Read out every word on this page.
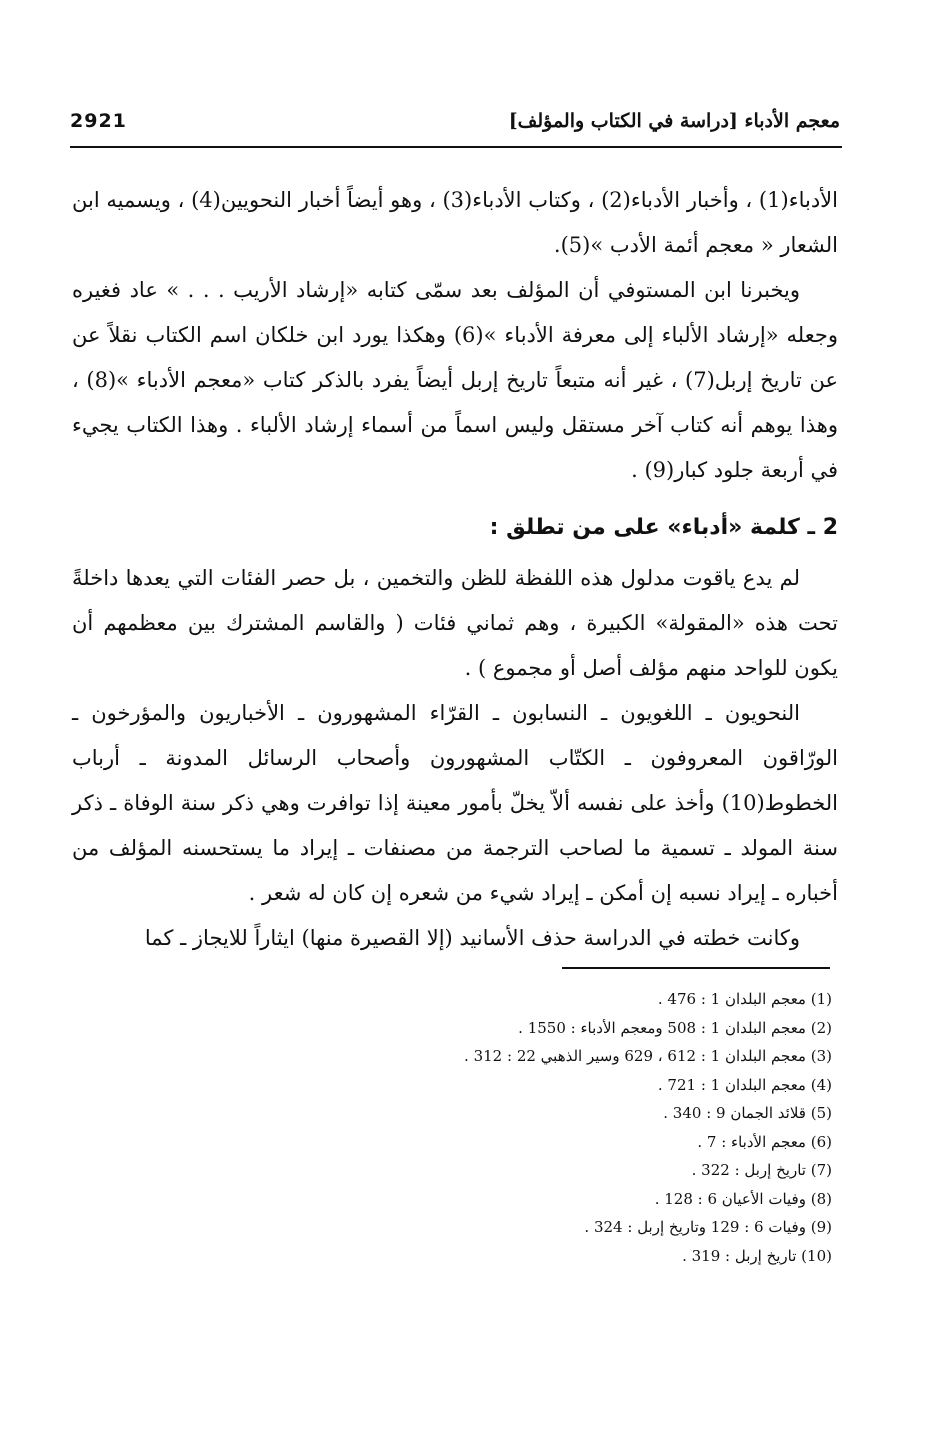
2921	معجم الأدباء [دراسة في الكتاب والمؤلف]

الأدباء(1) ، وأخبار الأدباء(2) ، وكتاب الأدباء(3) ، وهو أيضاً أخبار النحويين(4) ، ويسميه ابن الشعار « معجم أئمة الأدب »(5).

ويخبرنا ابن المستوفي أن المؤلف بعد سمّى كتابه «إرشاد الأريب . . . » عاد فغيره وجعله «إرشاد الألباء إلى معرفة الأدباء »(6) وهكذا يورد ابن خلكان اسم الكتاب نقلاً عن عن تاريخ إربل(7) ، غير أنه متبعاً تاريخ إربل أيضاً يفرد بالذكر كتاب «معجم الأدباء »(8) ، وهذا يوهم أنه كتاب آخر مستقل وليس اسماً من أسماء إرشاد الألباء . وهذا الكتاب يجيء في أربعة جلود كبار(9) .

2 ـ كلمة «أدباء» على من تطلق :

لم يدع ياقوت مدلول هذه اللفظة للظن والتخمين ، بل حصر الفئات التي يعدها داخلةً تحت هذه «المقولة» الكبيرة ، وهم ثماني فئات ( والقاسم المشترك بين معظمهم أن يكون للواحد منهم مؤلف أصل أو مجموع ) .

النحويون ـ اللغويون ـ النسابون ـ القرّاء المشهورون ـ الأخباريون والمؤرخون ـ الورّاقون المعروفون ـ الكتّاب المشهورون وأصحاب الرسائل المدونة ـ أرباب الخطوط(10) وأخذ على نفسه ألاّ يخلّ بأمور معينة إذا توافرت وهي ذكر سنة الوفاة ـ ذكر سنة المولد ـ تسمية ما لصاحب الترجمة من مصنفات ـ إيراد ما يستحسنه المؤلف من أخباره ـ إيراد نسبه إن أمكن ـ إيراد شيء من شعره إن كان له شعر .

وكانت خطته في الدراسة حذف الأسانيد (إلا القصيرة منها) ايثاراً للايجاز ـ كما

(1) معجم البلدان 1 : 476 .
(2) معجم البلدان 1 : 508 ومعجم الأدباء : 1550 .
(3) معجم البلدان 1 : 612 ، 629 وسير الذهبي 22 : 312 .
(4) معجم البلدان 1 : 721 .
(5) قلائد الجمان 9 : 340 .
(6) معجم الأدباء : 7 .
(7) تاريخ إربل : 322 .
(8) وفيات الأعيان 6 : 128 .
(9) وفيات 6 : 129 وتاريخ إربل : 324 .
(10) تاريخ إربل : 319 .
